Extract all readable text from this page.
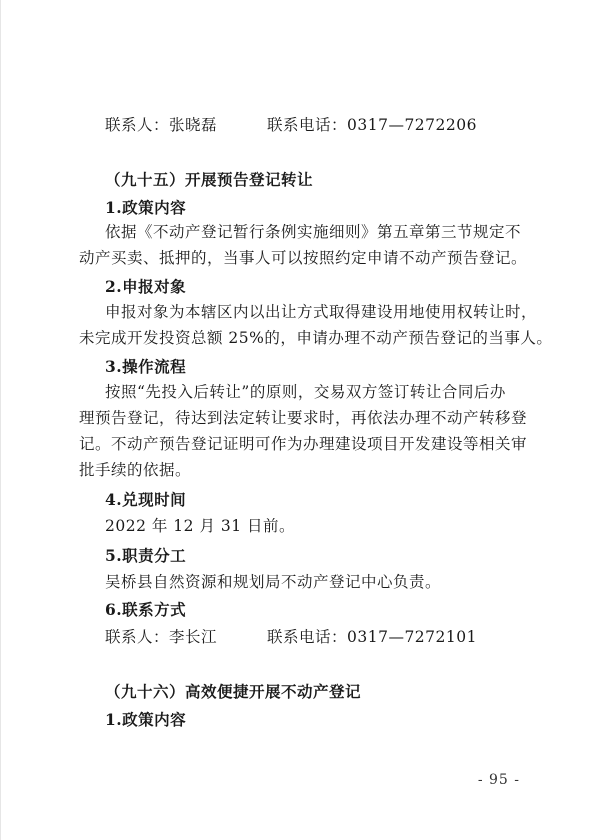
联系人：张晓磊	联系电话：0317—7272206
（九十五）开展预告登记转让
1.政策内容
依据《不动产登记暂行条例实施细则》第五章第三节规定不
动产买卖、抵押的，当事人可以按照约定申请不动产预告登记。
2.申报对象
申报对象为本辖区内以出让方式取得建设用地使用权转让时，
未完成开发投资总额 25%的，申请办理不动产预告登记的当事人。
3.操作流程
按照“先投入后转让”的原则，交易双方签订转让合同后办
理预告登记，待达到法定转让要求时，再依法办理不动产转移登
记。不动产预告登记证明可作为办理建设项目开发建设等相关审
批手续的依据。
4.兑现时间
2022 年 12 月 31 日前。
5.职责分工
吴桥县自然资源和规划局不动产登记中心负责。
6.联系方式
联系人：李长江	联系电话：0317—7272101
（九十六）高效便捷开展不动产登记
1.政策内容
- 95 -
